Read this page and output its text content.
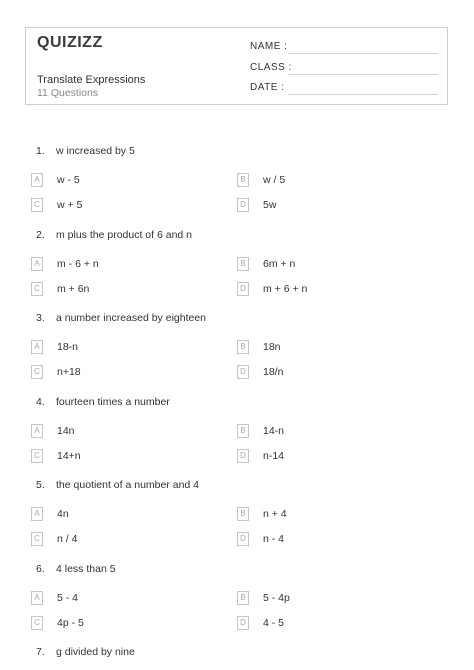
QUIZIZZ
Translate Expressions
11 Questions
NAME :
CLASS :
DATE :
1. w increased by 5
A	w - 5	B	w / 5
C w + 5	D 5w
2. m plus the product of 6 and n
A	m - 6 + n	B	6m + n
C m + 6n	D m + 6 + n
3. a number increased by eighteen
A	18-n	B	18n
C n+18	D 18/n
4. fourteen times a number
A	14n	B	14-n
C 14+n	D n-14
5. the quotient of a number and 4
A	4n	B	n + 4
C n / 4	D n - 4
6. 4 less than 5
A	5 - 4	B	5 - 4p
C 4p - 5	D 4 - 5
7. g divided by nine
